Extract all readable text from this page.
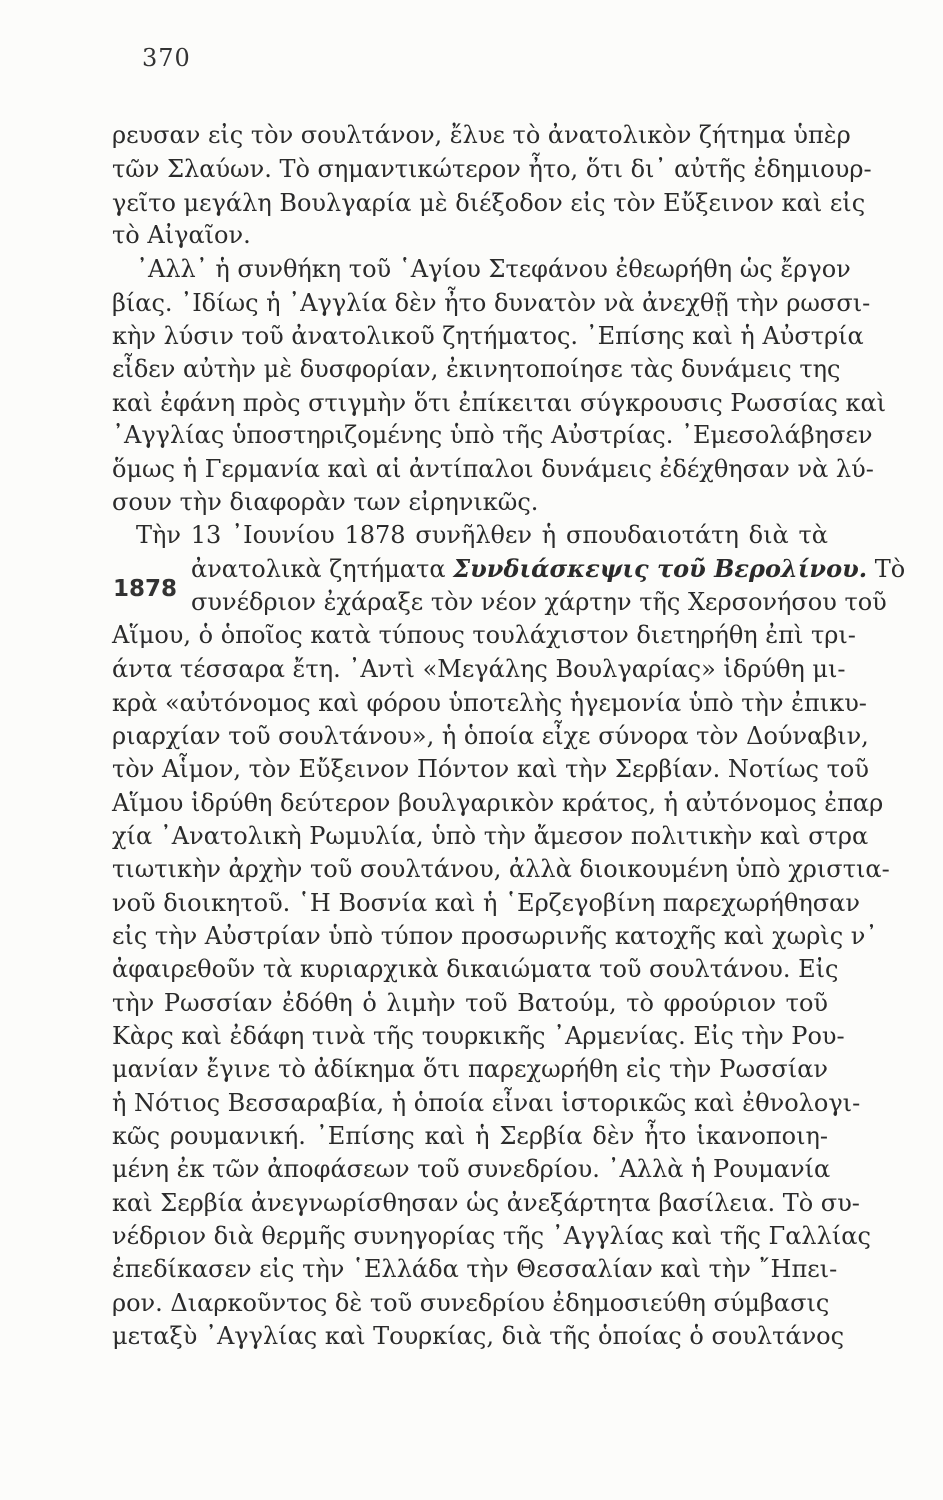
370
1878
ρευσαν εἰς τὸν σουλτάνον, ἔλυε τὸ ἀνατολικὸν ζήτημα ὑπὲρ
τῶν Σλαύων. Τὸ σημαντικώτερον ἦτο, ὅτι δι᾽ αὐτῆς ἐδημιουρ-
γεῖτο μεγάλη Βουλγαρία μὲ διέξοδον εἰς τὸν Εὔξεινον καὶ εἰς
τὸ Αἰγαῖον.
᾽Αλλ᾽ ἡ συνθήκη τοῦ ῾Αγίου Στεφάνου ἐθεωρήθη ὡς ἔργον
βίας. ᾽Ιδίως ἡ ᾽Αγγλία δὲν ἦτο δυνατὸν νὰ ἀνεχθῇ τὴν ρωσσι-
κὴν λύσιν τοῦ ἀνατολικοῦ ζητήματος. ᾽Επίσης καὶ ἡ Αὐστρία
εἶδεν αὐτὴν μὲ δυσφορίαν, ἐκινητοποίησε τὰς δυνάμεις της
καὶ ἐφάνη πρὸς στιγμὴν ὅτι ἐπίκειται σύγκρουσις Ρωσσίας καὶ
᾽Αγγλίας ὑποστηριζομένης ὑπὸ τῆς Αὐστρίας. ᾽Εμεσολάβησεν
ὅμως ἡ Γερμανία καὶ αἱ ἀντίπαλοι δυνάμεις ἐδέχθησαν νὰ λύ-
σουν τὴν διαφορὰν των εἰρηνικῶς.
Τὴν 13 ᾽Ιουνίου 1878 συνῆλθεν ἡ σπουδαιοτάτη διὰ τὰ
ἀνατολικὰ ζητήματα Συνδιάσκεψις τοῦ Βερολίνου. Τὸ
συνέδριον ἐχάραξε τὸν νέον χάρτην τῆς Χερσονήσου τοῦ
Αἵμου, ὁ ὁποῖος κατὰ τύπους τουλάχιστον διετηρήθη ἐπὶ τρι-
άντα τέσσαρα ἔτη. ᾽Αντὶ «Μεγάλης Βουλγαρίας» ἱδρύθη μι-
κρὰ «αὐτόνομος καὶ φόρου ὑποτελὴς ἡγεμονία ὑπὸ τὴν ἐπικυ-
ριαρχίαν τοῦ σουλτάνου», ἡ ὁποία εἶχε σύνορα τὸν Δούναβιν,
τὸν Αἷμον, τὸν Εὔξεινον Πόντον καὶ τὴν Σερβίαν. Νοτίως τοῦ
Αἵμου ἱδρύθη δεύτερον βουλγαρικὸν κράτος, ἡ αὐτόνομος ἐπαρ
χία ᾽Ανατολικὴ Ρωμυλία, ὑπὸ τὴν ἄμεσον πολιτικὴν καὶ στρα
τιωτικὴν ἀρχὴν τοῦ σουλτάνου, ἀλλὰ διοικουμένη ὑπὸ χριστια-
νοῦ διοικητοῦ. ῾Η Βοσνία καὶ ἡ ῾Ερζεγοβίνη παρεχωρήθησαν
εἰς τὴν Αὐστρίαν ὑπὸ τύπον προσωρινῆς κατοχῆς καὶ χωρὶς ν᾽
ἀφαιρεθοῦν τὰ κυριαρχικὰ δικαιώματα τοῦ σουλτάνου. Εἰς
τὴν Ρωσσίαν ἐδόθη ὁ λιμὴν τοῦ Βατούμ, τὸ φρούριον τοῦ
Κὰρς καὶ ἐδάφη τινὰ τῆς τουρκικῆς ᾽Αρμενίας. Εἰς τὴν Ρου-
μανίαν ἔγινε τὸ ἀδίκημα ὅτι παρεχωρήθη εἰς τὴν Ρωσσίαν
ἡ Νότιος Βεσσαραβία, ἡ ὁποία εἶναι ἱστορικῶς καὶ ἐθνολογι-
κῶς ρουμανική. ᾽Επίσης καὶ ἡ Σερβία δὲν ἦτο ἱκανοποιη-
μένη ἐκ τῶν ἀποφάσεων τοῦ συνεδρίου. ᾽Αλλὰ ἡ Ρουμανία
καὶ Σερβία ἀνεγνωρίσθησαν ὡς ἀνεξάρτητα βασίλεια. Τὸ συ-
νέδριον διὰ θερμῆς συνηγορίας τῆς ᾽Αγγλίας καὶ τῆς Γαλλίας
ἐπεδίκασεν εἰς τὴν ῾Ελλάδα τὴν Θεσσαλίαν καὶ τὴν ῎Ηπει-
ρον. Διαρκοῦντος δὲ τοῦ συνεδρίου ἐδημοσιεύθη σύμβασις
μεταξὺ ᾽Αγγλίας καὶ Τουρκίας, διὰ τῆς ὁποίας ὁ σουλτάνος
